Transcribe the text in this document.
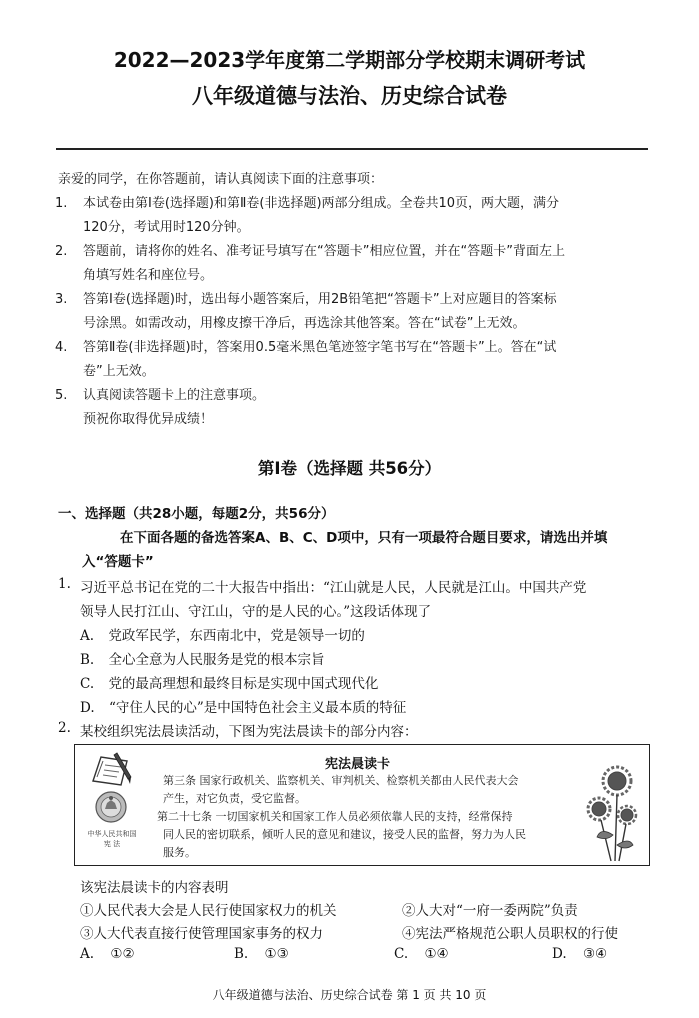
2022—2023学年度第二学期部分学校期末调研考试
八年级道德与法治、历史综合试卷
亲爱的同学，在你答题前，请认真阅读下面的注意事项：
1. 本试卷由第Ⅰ卷(选择题)和第Ⅱ卷(非选择题)两部分组成。全卷共10页，两大题，满分
120分，考试用时120分钟。
2. 答题前，请将你的姓名、准考证号填写在“答题卡”相应位置，并在“答题卡”背面左上
角填写姓名和座位号。
3. 答第Ⅰ卷(选择题)时，选出每小题答案后，用2B铅笔把“答题卡”上对应题目的答案标
号涂黑。如需改动，用橡皮擦干净后，再选涂其他答案。答在“试卷”上无效。
4. 答第Ⅱ卷(非选择题)时，答案用0.5毫米黑色笔迹签字笔书写在“答题卡”上。答在“试
卷”上无效。
5. 认真阅读答题卡上的注意事项。
预祝你取得优异成绩！
第Ⅰ卷（选择题 共56分）
一、选择题（共28小题，每题2分，共56分）
在下面各题的备选答案A、B、C、D项中，只有一项最符合题目要求，请选出并填
入“答题卡”
1. 习近平总书记在党的二十大报告中指出：“江山就是人民，人民就是江山。中国共产党
领导人民打江山、守江山，守的是人民的心。”这段话体现了
A. 党政军民学，东西南北中，党是领导一切的
B. 全心全意为人民服务是党的根本宗旨
C. 党的最高理想和最终目标是实现中国式现代化
D. “守住人民的心”是中国特色社会主义最本质的特征
2. 某校组织宪法晨读活动，下图为宪法晨读卡的部分内容：
中华人民共和国
宪 法
宪法晨读卡
第三条 国家行政机关、监察机关、审判机关、检察机关都由人民代表大会
产生，对它负责，受它监督。
第二十七条 一切国家机关和国家工作人员必须依靠人民的支持，经常保持
同人民的密切联系，倾听人民的意见和建议，接受人民的监督，努力为人民
服务。
该宪法晨读卡的内容表明
①人民代表大会是人民行使国家权力的机关	②人大对“一府一委两院”负责
③人大代表直接行使管理国家事务的权力	④宪法严格规范公职人员职权的行使
A. ①②	B. ①③	C. ①④	D. ③④
八年级道德与法治、历史综合试卷 第 1 页 共 10 页
